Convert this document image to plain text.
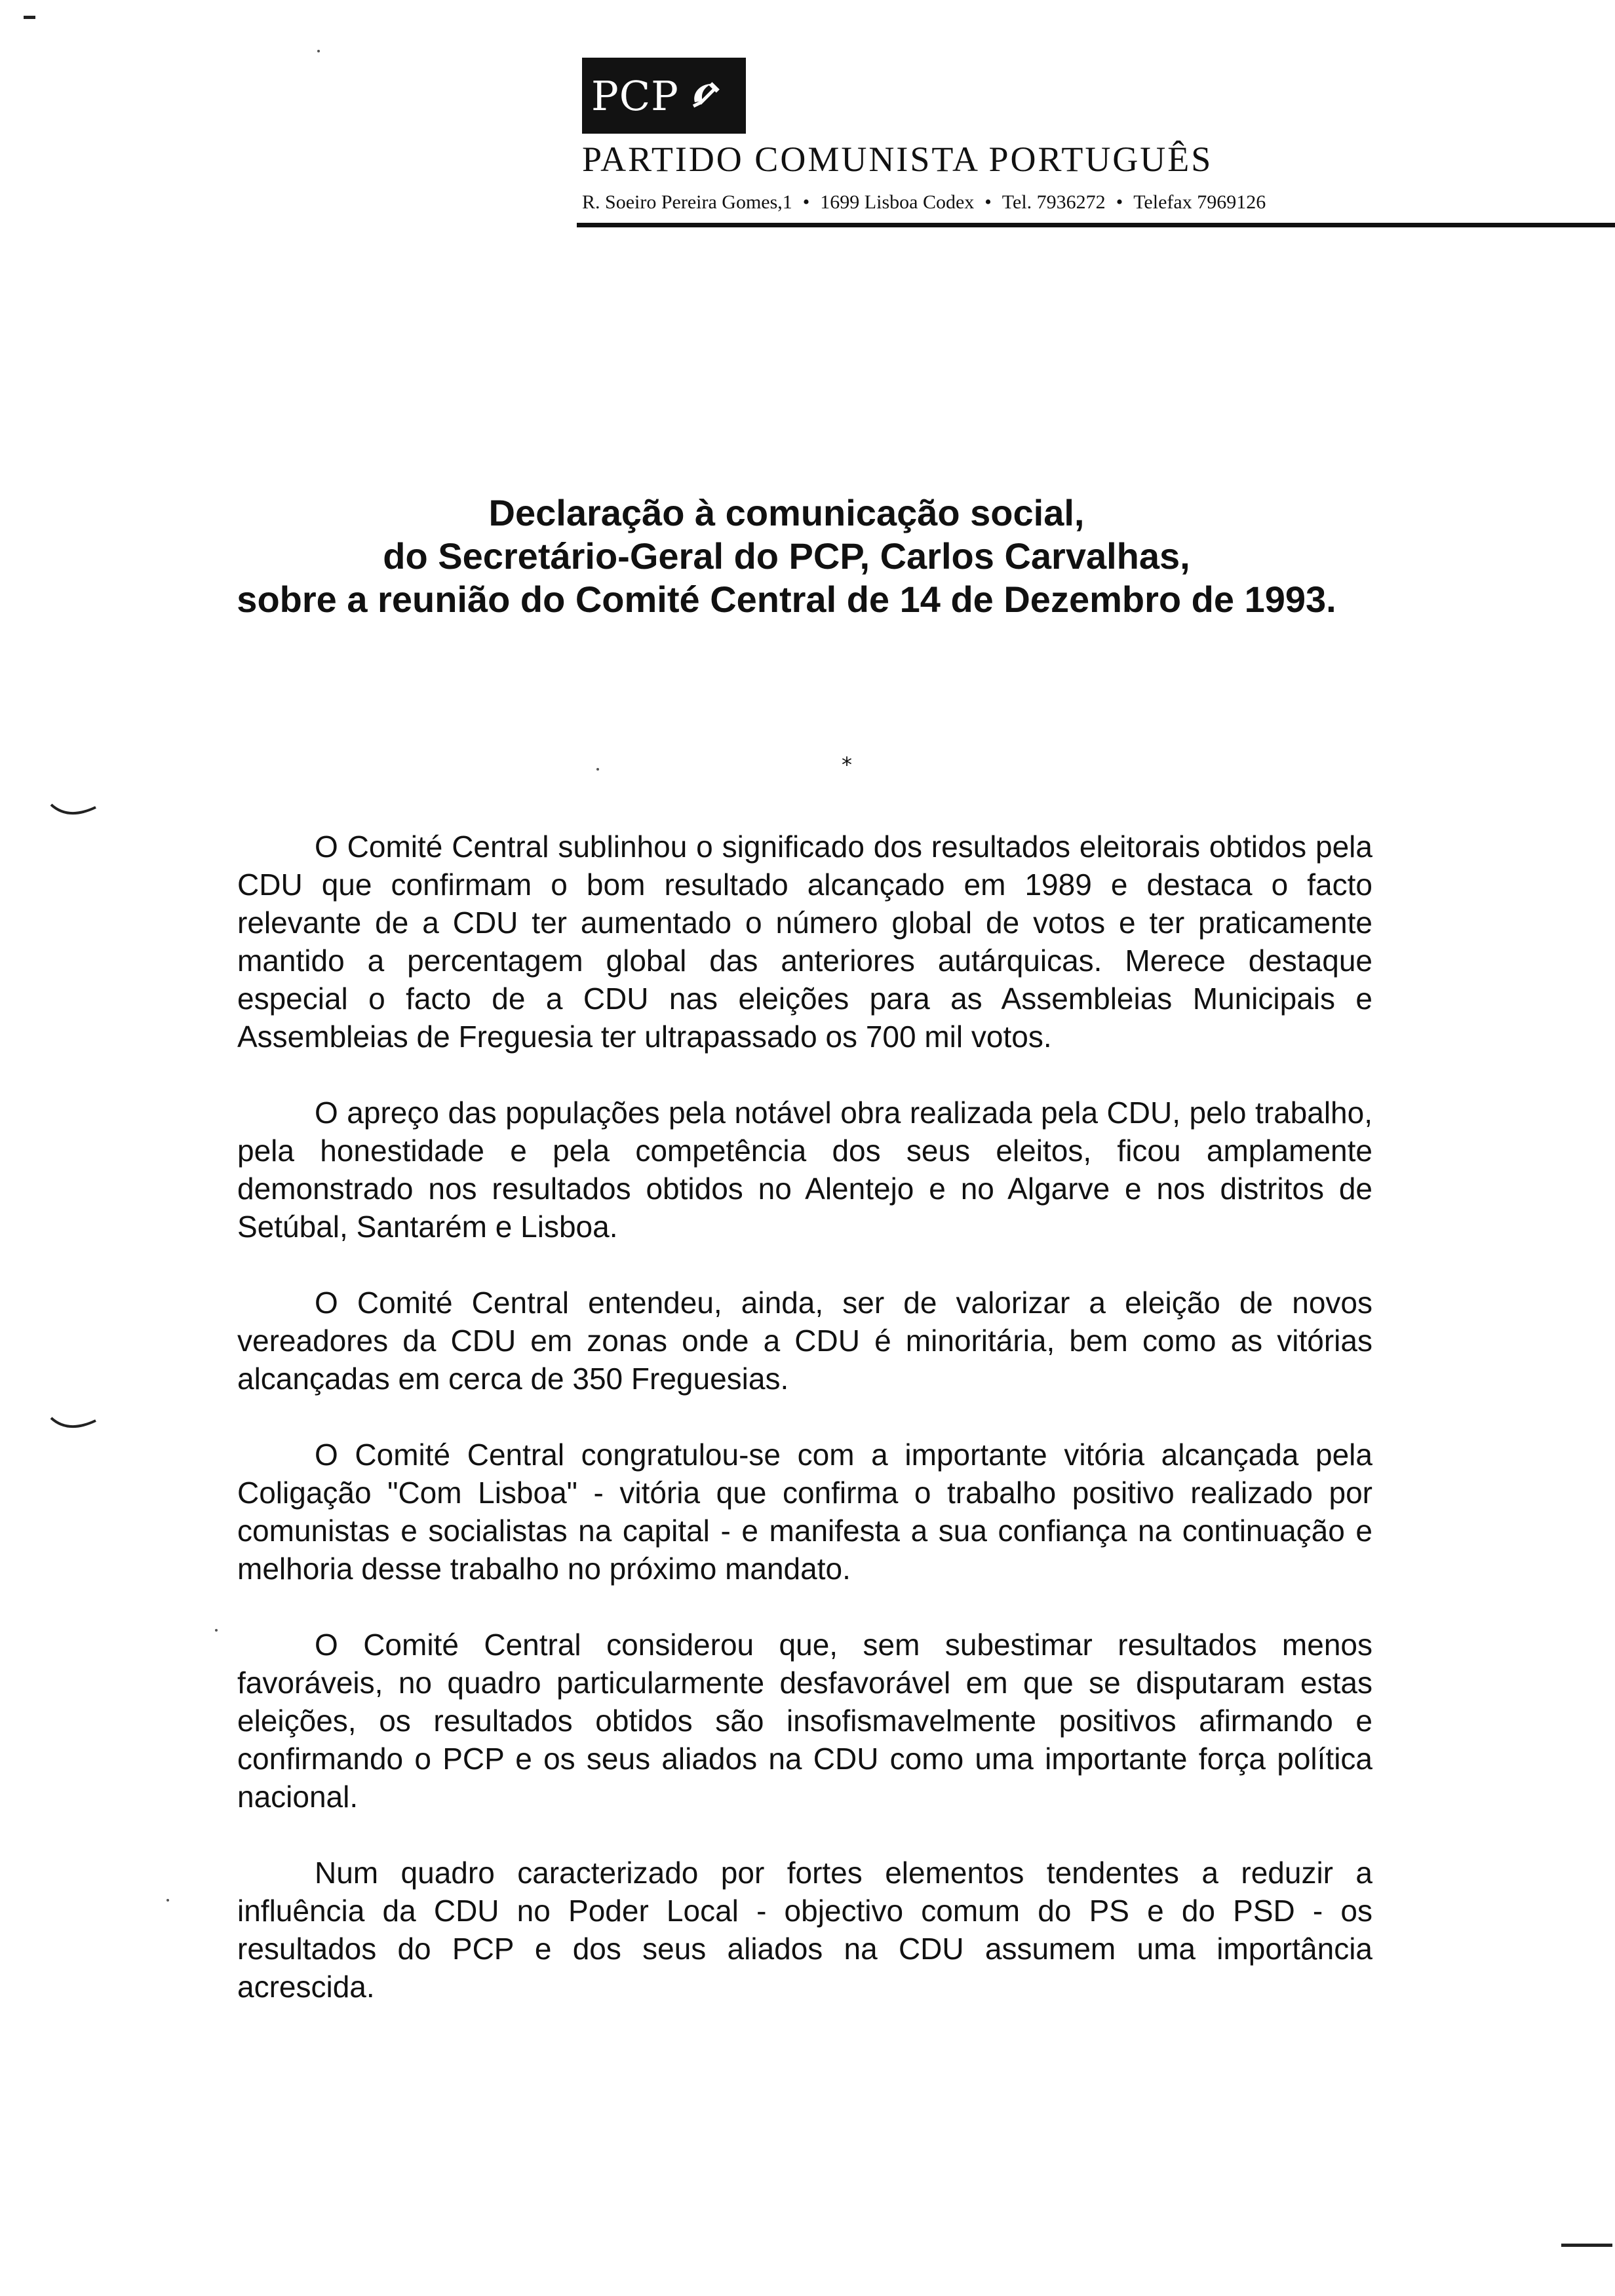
PCP
PARTIDO COMUNISTA PORTUGUÊS
R. Soeiro Pereira Gomes,1 • 1699 Lisboa Codex • Tel. 7936272 • Telefax 7969126
Declaração à comunicação social,
do Secretário-Geral do PCP, Carlos Carvalhas,
sobre a reunião do Comité Central de 14 de Dezembro de 1993.
*

O Comité Central sublinhou o significado dos resultados eleitorais obtidos pela CDU que confirmam o bom resultado alcançado em 1989 e destaca o facto relevante de a CDU ter aumentado o número global de votos e ter praticamente mantido a percentagem global das anteriores autárquicas. Merece destaque especial o facto de a CDU nas eleições para as Assembleias Municipais e Assembleias de Freguesia ter ultrapassado os 700 mil votos.

O apreço das populações pela notável obra realizada pela CDU, pelo trabalho, pela honestidade e pela competência dos seus eleitos, ficou amplamente demonstrado nos resultados obtidos no Alentejo e no Algarve e nos distritos de Setúbal, Santarém e Lisboa.

O Comité Central entendeu, ainda, ser de valorizar a eleição de novos vereadores da CDU em zonas onde a CDU é minoritária, bem como as vitórias alcançadas em cerca de 350 Freguesias.

O Comité Central congratulou-se com a importante vitória alcançada pela Coligação "Com Lisboa" - vitória que confirma o trabalho positivo realizado por comunistas e socialistas na capital - e manifesta a sua confiança na continuação e melhoria desse trabalho no próximo mandato.

O Comité Central considerou que, sem subestimar resultados menos favoráveis, no quadro particularmente desfavorável em que se disputaram estas eleições, os resultados obtidos são insofismavelmente positivos afirmando e confirmando o PCP e os seus aliados na CDU como uma importante força política nacional.

Num quadro caracterizado por fortes elementos tendentes a reduzir a influência da CDU no Poder Local - objectivo comum do PS e do PSD - os resultados do PCP e dos seus aliados na CDU assumem uma importância acrescida.
